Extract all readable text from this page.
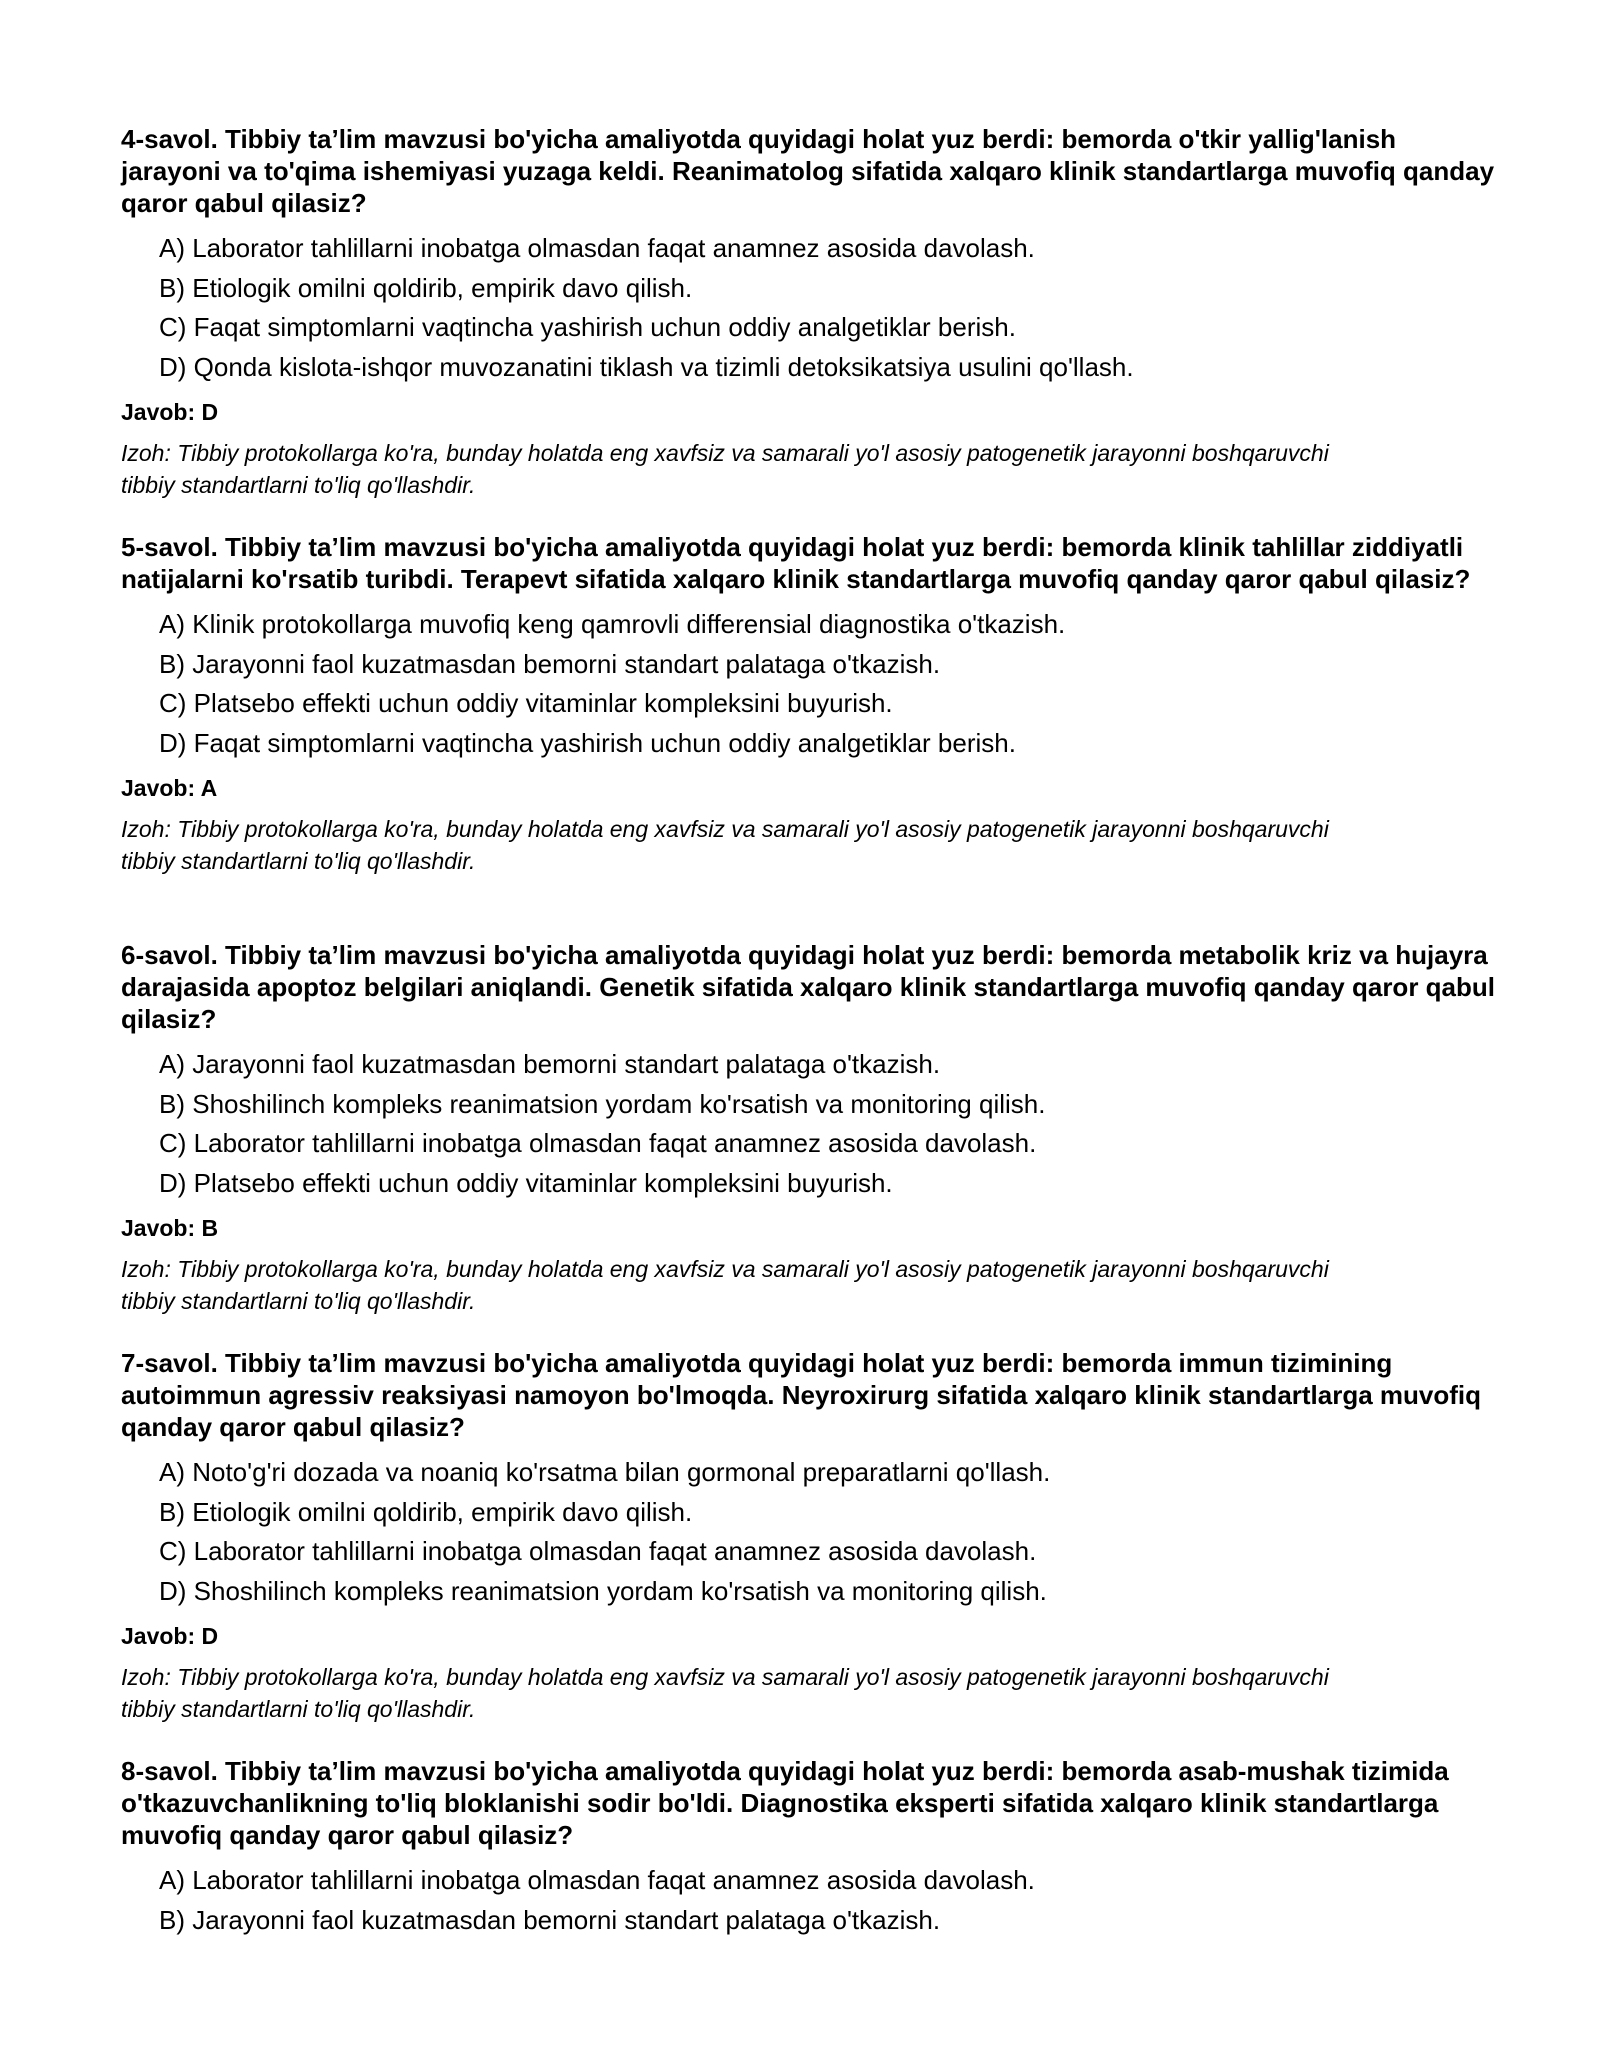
4-savol. Tibbiy ta’lim mavzusi bo'yicha amaliyotda quyidagi holat yuz berdi: bemorda o'tkir yallig'lanish jarayoni va to'qima ishemiyasi yuzaga keldi. Reanimatolog sifatida xalqaro klinik standartlarga muvofiq qanday qaror qabul qilasiz?

A) Laborator tahlillarni inobatga olmasdan faqat anamnez asosida davolash.
B) Etiologik omilni qoldirib, empirik davo qilish.
C) Faqat simptomlarni vaqtincha yashirish uchun oddiy analgetiklar berish.
D) Qonda kislota-ishqor muvozanatini tiklash va tizimli detoksikatsiya usulini qo'llash.
Javob: D
Izoh: Tibbiy protokollarga ko'ra, bunday holatda eng xavfsiz va samarali yo'l asosiy patogenetik jarayonni boshqaruvchi tibbiy standartlarni to'liq qo'llashdir.

5-savol. Tibbiy ta’lim mavzusi bo'yicha amaliyotda quyidagi holat yuz berdi: bemorda klinik tahlillar ziddiyatli natijalarni ko'rsatib turibdi. Terapevt sifatida xalqaro klinik standartlarga muvofiq qanday qaror qabul qilasiz?

A) Klinik protokollarga muvofiq keng qamrovli differensial diagnostika o'tkazish.
B) Jarayonni faol kuzatmasdan bemorni standart palataga o'tkazish.
C) Platsebo effekti uchun oddiy vitaminlar kompleksini buyurish.
D) Faqat simptomlarni vaqtincha yashirish uchun oddiy analgetiklar berish.
Javob: A
Izoh: Tibbiy protokollarga ko'ra, bunday holatda eng xavfsiz va samarali yo'l asosiy patogenetik jarayonni boshqaruvchi tibbiy standartlarni to'liq qo'llashdir.

6-savol. Tibbiy ta’lim mavzusi bo'yicha amaliyotda quyidagi holat yuz berdi: bemorda metabolik kriz va hujayra darajasida apoptoz belgilari aniqlandi. Genetik sifatida xalqaro klinik standartlarga muvofiq qanday qaror qabul qilasiz?

A) Jarayonni faol kuzatmasdan bemorni standart palataga o'tkazish.
B) Shoshilinch kompleks reanimatsion yordam ko'rsatish va monitoring qilish.
C) Laborator tahlillarni inobatga olmasdan faqat anamnez asosida davolash.
D) Platsebo effekti uchun oddiy vitaminlar kompleksini buyurish.
Javob: B
Izoh: Tibbiy protokollarga ko'ra, bunday holatda eng xavfsiz va samarali yo'l asosiy patogenetik jarayonni boshqaruvchi tibbiy standartlarni to'liq qo'llashdir.

7-savol. Tibbiy ta’lim mavzusi bo'yicha amaliyotda quyidagi holat yuz berdi: bemorda immun tizimining autoimmun agressiv reaksiyasi namoyon bo'lmoqda. Neyroxirurg sifatida xalqaro klinik standartlarga muvofiq qanday qaror qabul qilasiz?

A) Noto'g'ri dozada va noaniq ko'rsatma bilan gormonal preparatlarni qo'llash.
B) Etiologik omilni qoldirib, empirik davo qilish.
C) Laborator tahlillarni inobatga olmasdan faqat anamnez asosida davolash.
D) Shoshilinch kompleks reanimatsion yordam ko'rsatish va monitoring qilish.
Javob: D
Izoh: Tibbiy protokollarga ko'ra, bunday holatda eng xavfsiz va samarali yo'l asosiy patogenetik jarayonni boshqaruvchi tibbiy standartlarni to'liq qo'llashdir.

8-savol. Tibbiy ta’lim mavzusi bo'yicha amaliyotda quyidagi holat yuz berdi: bemorda asab-mushak tizimida o'tkazuvchanlikning to'liq bloklanishi sodir bo'ldi. Diagnostika eksperti sifatida xalqaro klinik standartlarga muvofiq qanday qaror qabul qilasiz?

A) Laborator tahlillarni inobatga olmasdan faqat anamnez asosida davolash.
B) Jarayonni faol kuzatmasdan bemorni standart palataga o'tkazish.
